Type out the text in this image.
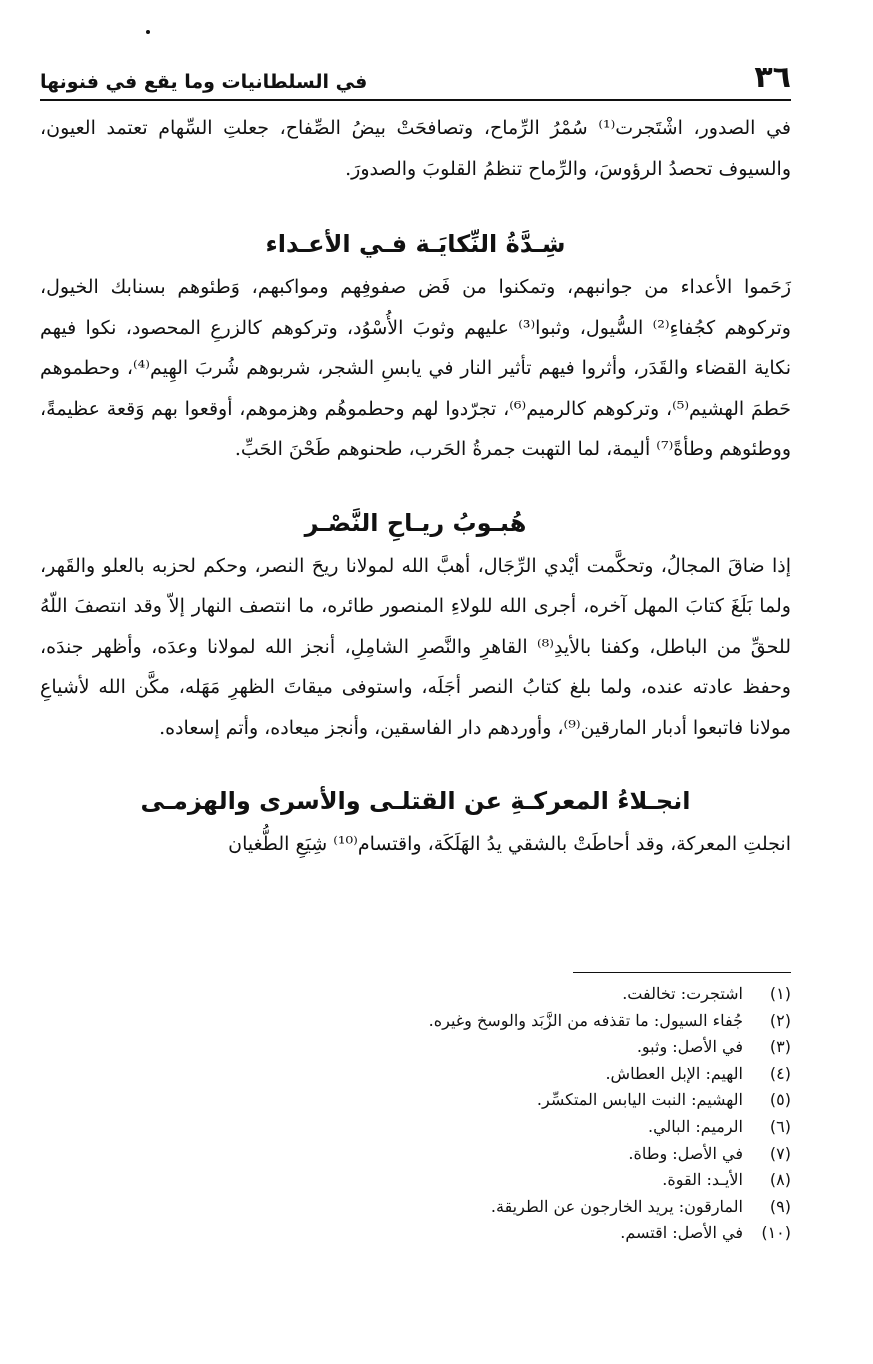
٣٦
في السلطانيات وما يقع في فنونها

في الصدور، اشْتَجرت⁽¹⁾ سُمْرُ الرِّماح، وتصافحَتْ بيضُ الصِّفاح، جعلتِ السِّهام تعتمد العيون، والسيوف تحصدُ الرؤوسَ، والرِّماح تنظمُ القلوبَ والصدورَ.

شِـدَّةُ النِّكايَـة فـي الأعـداء

زَحَموا الأعداء من جوانبهم، وتمكنوا من فَض صفوفِهم ومواكبهم، وَطئوهم بسنابك الخيول، وتركوهم كجُفاءِ⁽²⁾ السُّيول، وثبوا⁽³⁾ عليهم وثوبَ الأُسْوُد، وتركوهم كالزرعِ المحصود، نكوا فيهم نكاية القضاء والقَدَر، وأثروا فيهم تأثير النار في يابسِ الشجر، شربوهم شُربَ الهِيم⁽⁴⁾، وحطموهم حَطمَ الهشيم⁽⁵⁾، وتركوهم كالرميم⁽⁶⁾، تجرّدوا لهم وحطموهُم وهزموهم، أوقعوا بهم وَقعة عظيمةً، ووطئوهم وطأةً⁽⁷⁾ أليمة، لما التهبت جمرةُ الحَرب، طحنوهم طَحْنَ الحَبِّ.

هُبـوبُ ريـاحِ النَّصْـر

إذا ضاقَ المجالُ، وتحكَّمت أيْدي الرِّجَال، أهبَّ الله لمولانا ريحَ النصر، وحكم لحزبه بالعلو والقَهر، ولما بَلَغَ كتابَ المهل آخره، أجرى الله للولاءِ المنصور طائره، ما انتصف النهار إلاّ وقد انتصفَ اللّهُ للحقِّ من الباطل، وكفنا بالأيدِ⁽⁸⁾ القاهرِ والنَّصرِ الشامِلِ، أنجز الله لمولانا وعدَه، وأظهر جندَه، وحفظ عادته عنده، ولما بلغ كتابُ النصر أجَلَه، واستوفى ميقاتَ الظهرِ مَهَله، مكَّن الله لأشياعِ مولانا فاتبعوا أدبار المارقين⁽⁹⁾، وأوردهم دار الفاسقين، وأنجز ميعاده، وأتم إسعاده.

انجـلاءُ المعركـةِ عن القتلـى والأسرى والهزمـى

انجلتِ المعركة، وقد أحاطَتْ بالشقي يدُ الهَلَكَة، واقتسام⁽¹⁰⁾ شِيَعِ الطُّغيان

(١)
اشتجرت: تخالفت.
(٢)
جُفاء السيول: ما تقذفه من الزَّبَد والوسخ وغيره.
(٣)
في الأصل: وثبو.
(٤)
الهيم: الإبل العطاش.
(٥)
الهشيم: النبت اليابس المتكسِّر.
(٦)
الرميم: البالي.
(٧)
في الأصل: وطاة.
(٨)
الأيـد: القوة.
(٩)
المارقون: يريد الخارجون عن الطريقة.
(١٠)
في الأصل: اقتسم.
